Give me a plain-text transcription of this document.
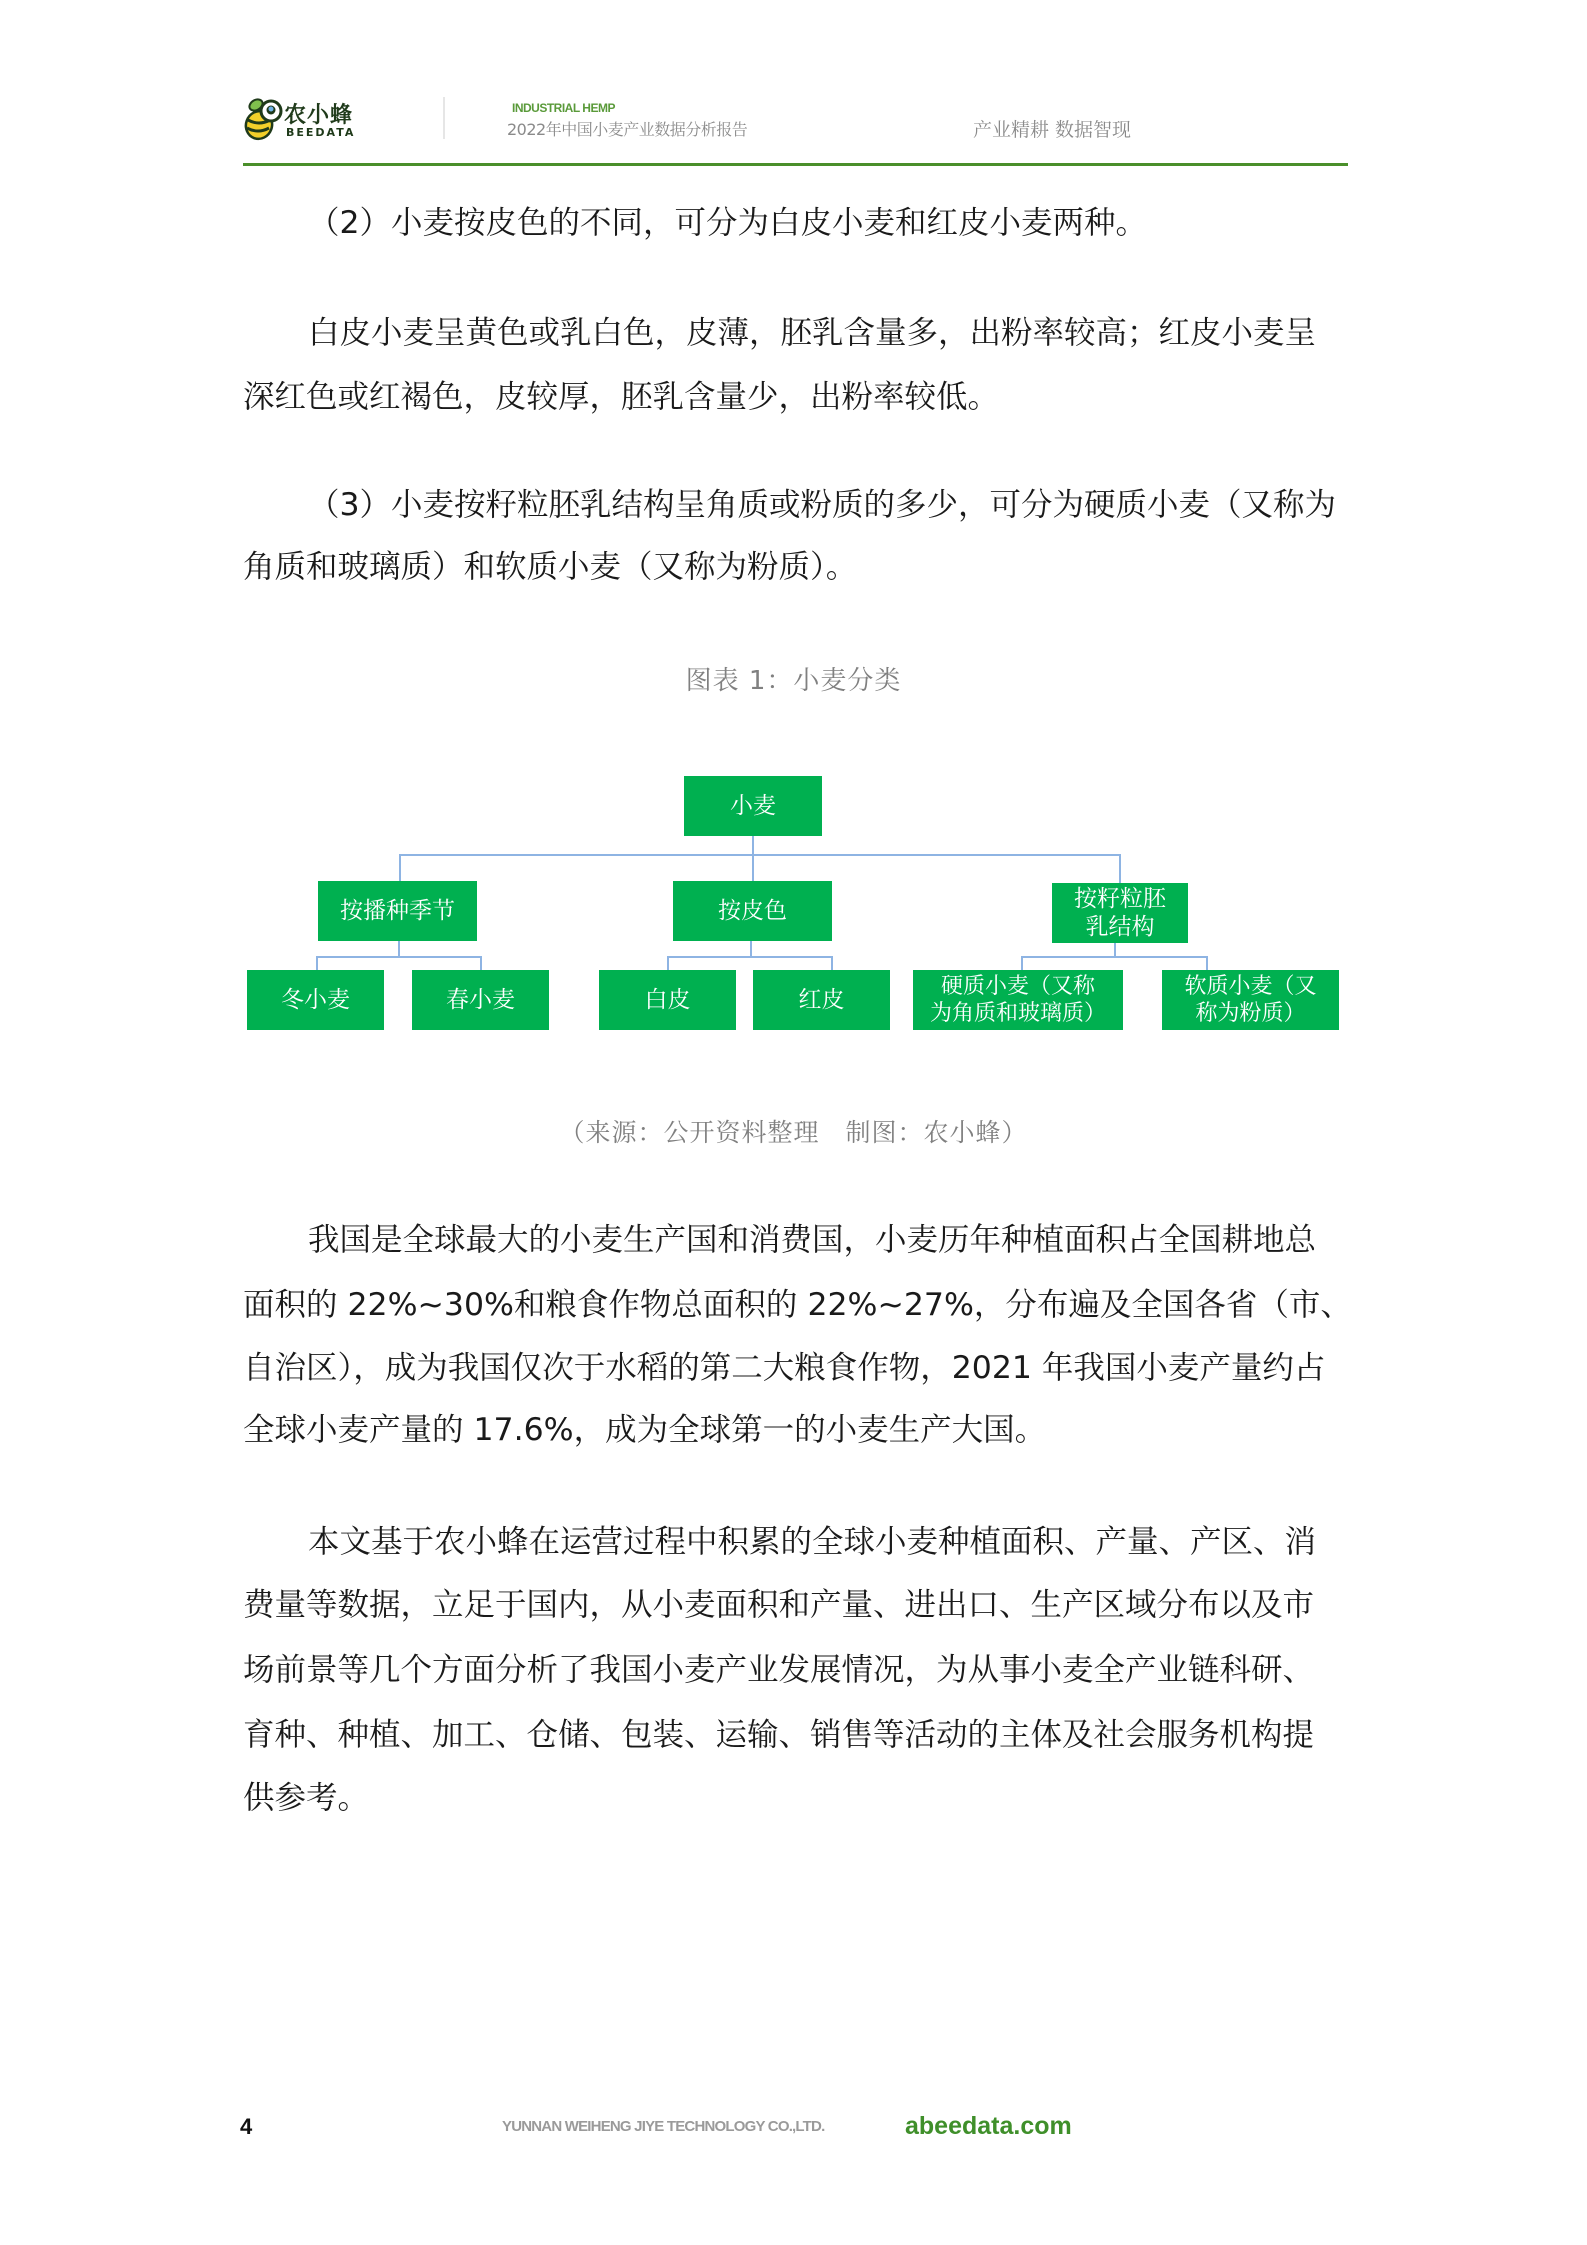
农小蜂
BEEDATA
INDUSTRIAL HEMP
2022年中国小麦产业数据分析报告	产业精耕 数据智现
（2）小麦按皮色的不同，可分为白皮小麦和红皮小麦两种。
白皮小麦呈黄色或乳白色，皮薄，胚乳含量多，出粉率较高；红皮小麦呈
深红色或红褐色，皮较厚，胚乳含量少，出粉率较低。
（3）小麦按籽粒胚乳结构呈角质或粉质的多少，可分为硬质小麦（又称为
角质和玻璃质）和软质小麦（又称为粉质）。
图表 1：小麦分类
小麦
按播种季节	按皮色	按籽粒胚
乳结构
冬小麦	春小麦	白皮	红皮
硬质小麦（又称
为角质和玻璃质）
软质小麦（又
称为粉质）
（来源：公开资料整理　制图：农小蜂）
我国是全球最大的小麦生产国和消费国，小麦历年种植面积占全国耕地总
面积的 22%~30%和粮食作物总面积的 22%~27%，分布遍及全国各省（市、
自治区），成为我国仅次于水稻的第二大粮食作物，2021 年我国小麦产量约占
全球小麦产量的 17.6%，成为全球第一的小麦生产大国。
本文基于农小蜂在运营过程中积累的全球小麦种植面积、产量、产区、消
费量等数据，立足于国内，从小麦面积和产量、进出口、生产区域分布以及市
场前景等几个方面分析了我国小麦产业发展情况，为从事小麦全产业链科研、
育种、种植、加工、仓储、包装、运输、销售等活动的主体及社会服务机构提
供参考。
4	YUNNAN WEIHENG JIYE TECHNOLOGY CO.,LTD.	abeedata.com
